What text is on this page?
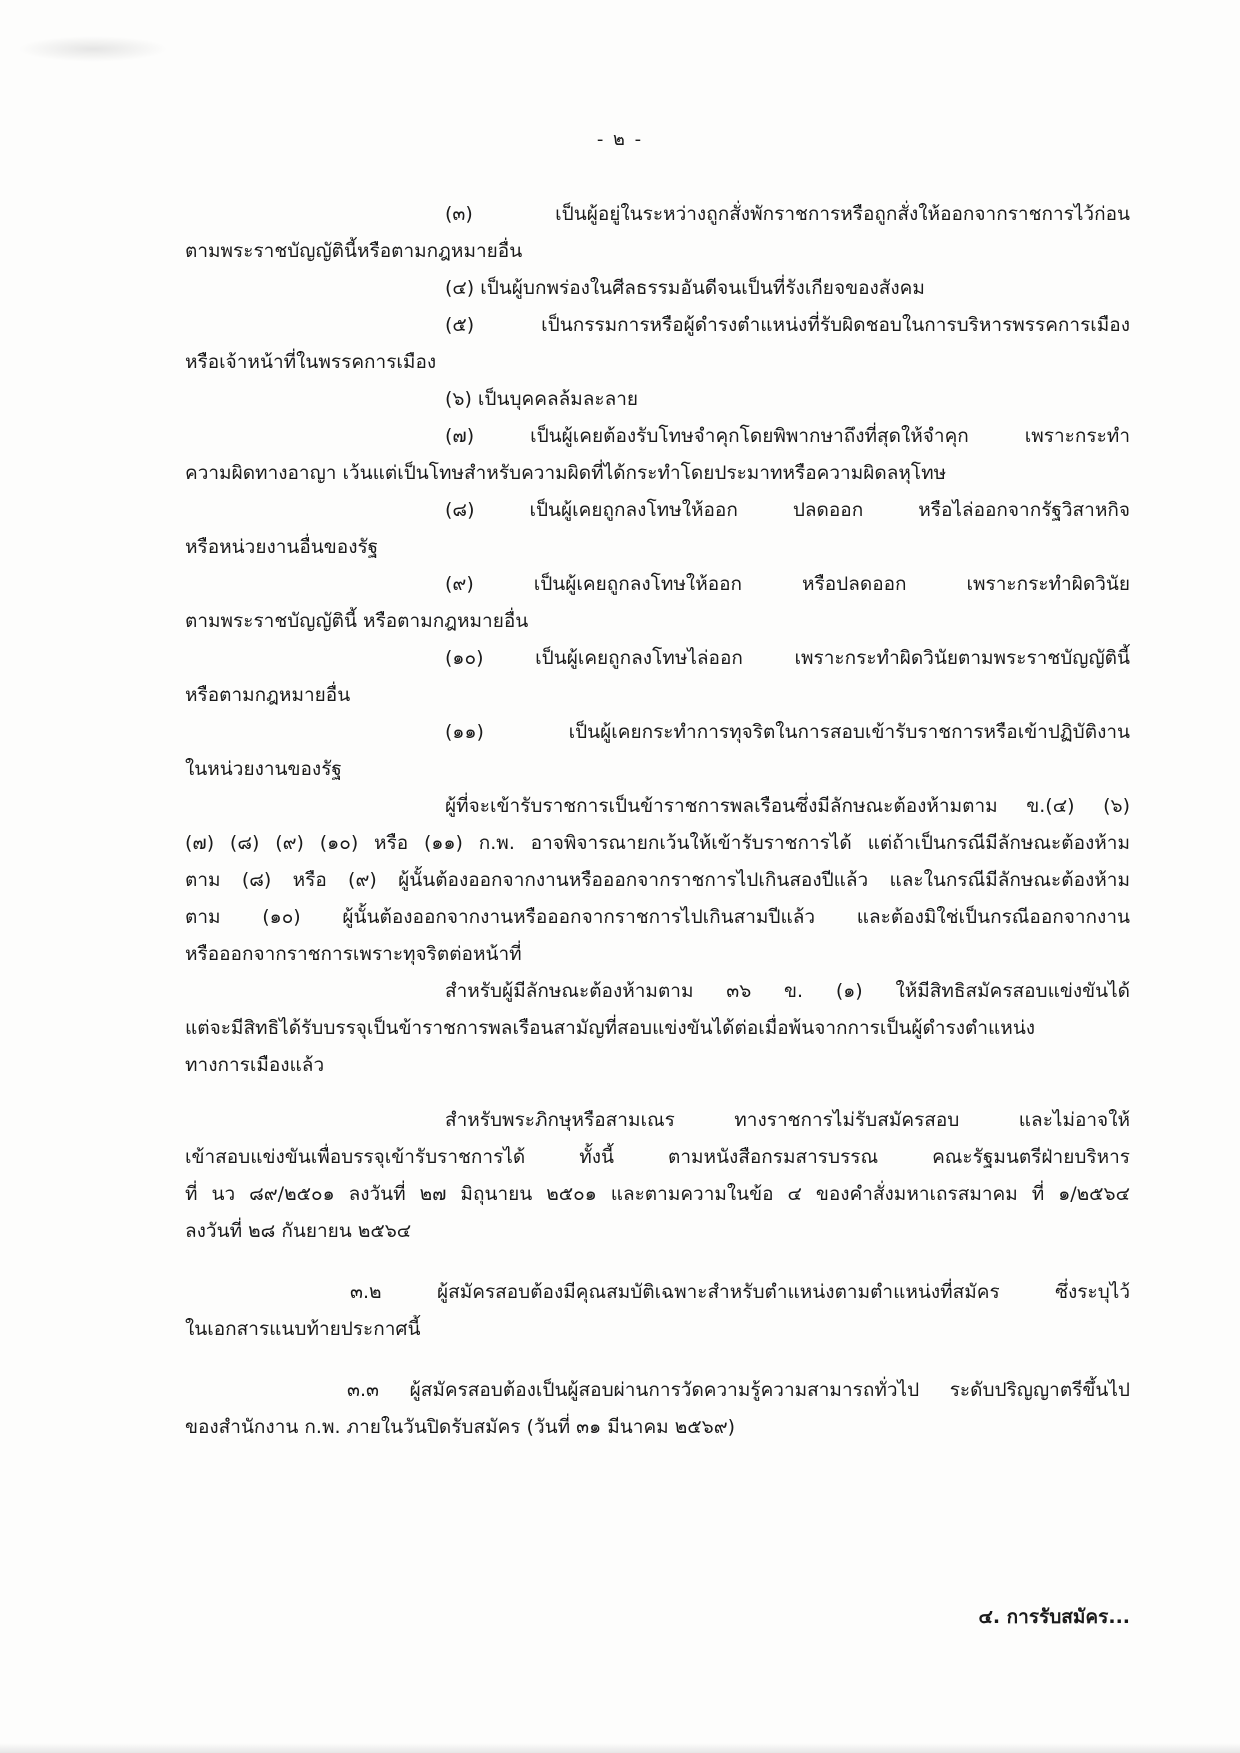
- ๒ -
(๓) เป็นผู้อยู่ในระหว่างถูกสั่งพักราชการหรือถูกสั่งให้ออกจากราชการไว้ก่อน
ตามพระราชบัญญัตินี้หรือตามกฎหมายอื่น
(๔) เป็นผู้บกพร่องในศีลธรรมอันดีจนเป็นที่รังเกียจของสังคม
(๕) เป็นกรรมการหรือผู้ดำรงตำแหน่งที่รับผิดชอบในการบริหารพรรคการเมือง
หรือเจ้าหน้าที่ในพรรคการเมือง
(๖) เป็นบุคคลล้มละลาย
(๗) เป็นผู้เคยต้องรับโทษจำคุกโดยพิพากษาถึงที่สุดให้จำคุก เพราะกระทำ
ความผิดทางอาญา เว้นแต่เป็นโทษสำหรับความผิดที่ได้กระทำโดยประมาทหรือความผิดลหุโทษ
(๘) เป็นผู้เคยถูกลงโทษให้ออก ปลดออก หรือไล่ออกจากรัฐวิสาหกิจ
หรือหน่วยงานอื่นของรัฐ
(๙) เป็นผู้เคยถูกลงโทษให้ออก หรือปลดออก เพราะกระทำผิดวินัย
ตามพระราชบัญญัตินี้ หรือตามกฎหมายอื่น
(๑๐) เป็นผู้เคยถูกลงโทษไล่ออก เพราะกระทำผิดวินัยตามพระราชบัญญัตินี้
หรือตามกฎหมายอื่น
(๑๑) เป็นผู้เคยกระทำการทุจริตในการสอบเข้ารับราชการหรือเข้าปฏิบัติงาน
ในหน่วยงานของรัฐ
ผู้ที่จะเข้ารับราชการเป็นข้าราชการพลเรือนซึ่งมีลักษณะต้องห้ามตาม ข.(๔) (๖)
(๗) (๘) (๙) (๑๐) หรือ (๑๑) ก.พ. อาจพิจารณายกเว้นให้เข้ารับราชการได้ แต่ถ้าเป็นกรณีมีลักษณะต้องห้าม
ตาม (๘) หรือ (๙) ผู้นั้นต้องออกจากงานหรือออกจากราชการไปเกินสองปีแล้ว และในกรณีมีลักษณะต้องห้าม
ตาม (๑๐) ผู้นั้นต้องออกจากงานหรือออกจากราชการไปเกินสามปีแล้ว และต้องมิใช่เป็นกรณีออกจากงาน
หรือออกจากราชการเพราะทุจริตต่อหน้าที่
สำหรับผู้มีลักษณะต้องห้ามตาม ๓๖ ข. (๑) ให้มีสิทธิสมัครสอบแข่งขันได้
แต่จะมีสิทธิได้รับบรรจุเป็นข้าราชการพลเรือนสามัญที่สอบแข่งขันได้ต่อเมื่อพ้นจากการเป็นผู้ดำรงตำแหน่ง
ทางการเมืองแล้ว
สำหรับพระภิกษุหรือสามเณร ทางราชการไม่รับสมัครสอบ และไม่อาจให้
เข้าสอบแข่งขันเพื่อบรรจุเข้ารับราชการได้ ทั้งนี้ ตามหนังสือกรมสารบรรณ คณะรัฐมนตรีฝ่ายบริหาร
ที่ นว ๘๙/๒๕๐๑ ลงวันที่ ๒๗ มิถุนายน ๒๕๐๑ และตามความในข้อ ๔ ของคำสั่งมหาเถรสมาคม ที่ ๑/๒๕๖๔
ลงวันที่ ๒๘ กันยายน ๒๕๖๔
๓.๒ ผู้สมัครสอบต้องมีคุณสมบัติเฉพาะสำหรับตำแหน่งตามตำแหน่งที่สมัคร ซึ่งระบุไว้
ในเอกสารแนบท้ายประกาศนี้
๓.๓ ผู้สมัครสอบต้องเป็นผู้สอบผ่านการวัดความรู้ความสามารถทั่วไป ระดับปริญญาตรีขึ้นไป
ของสำนักงาน ก.พ. ภายในวันปิดรับสมัคร (วันที่ ๓๑ มีนาคม ๒๕๖๙)
๔. การรับสมัคร...
